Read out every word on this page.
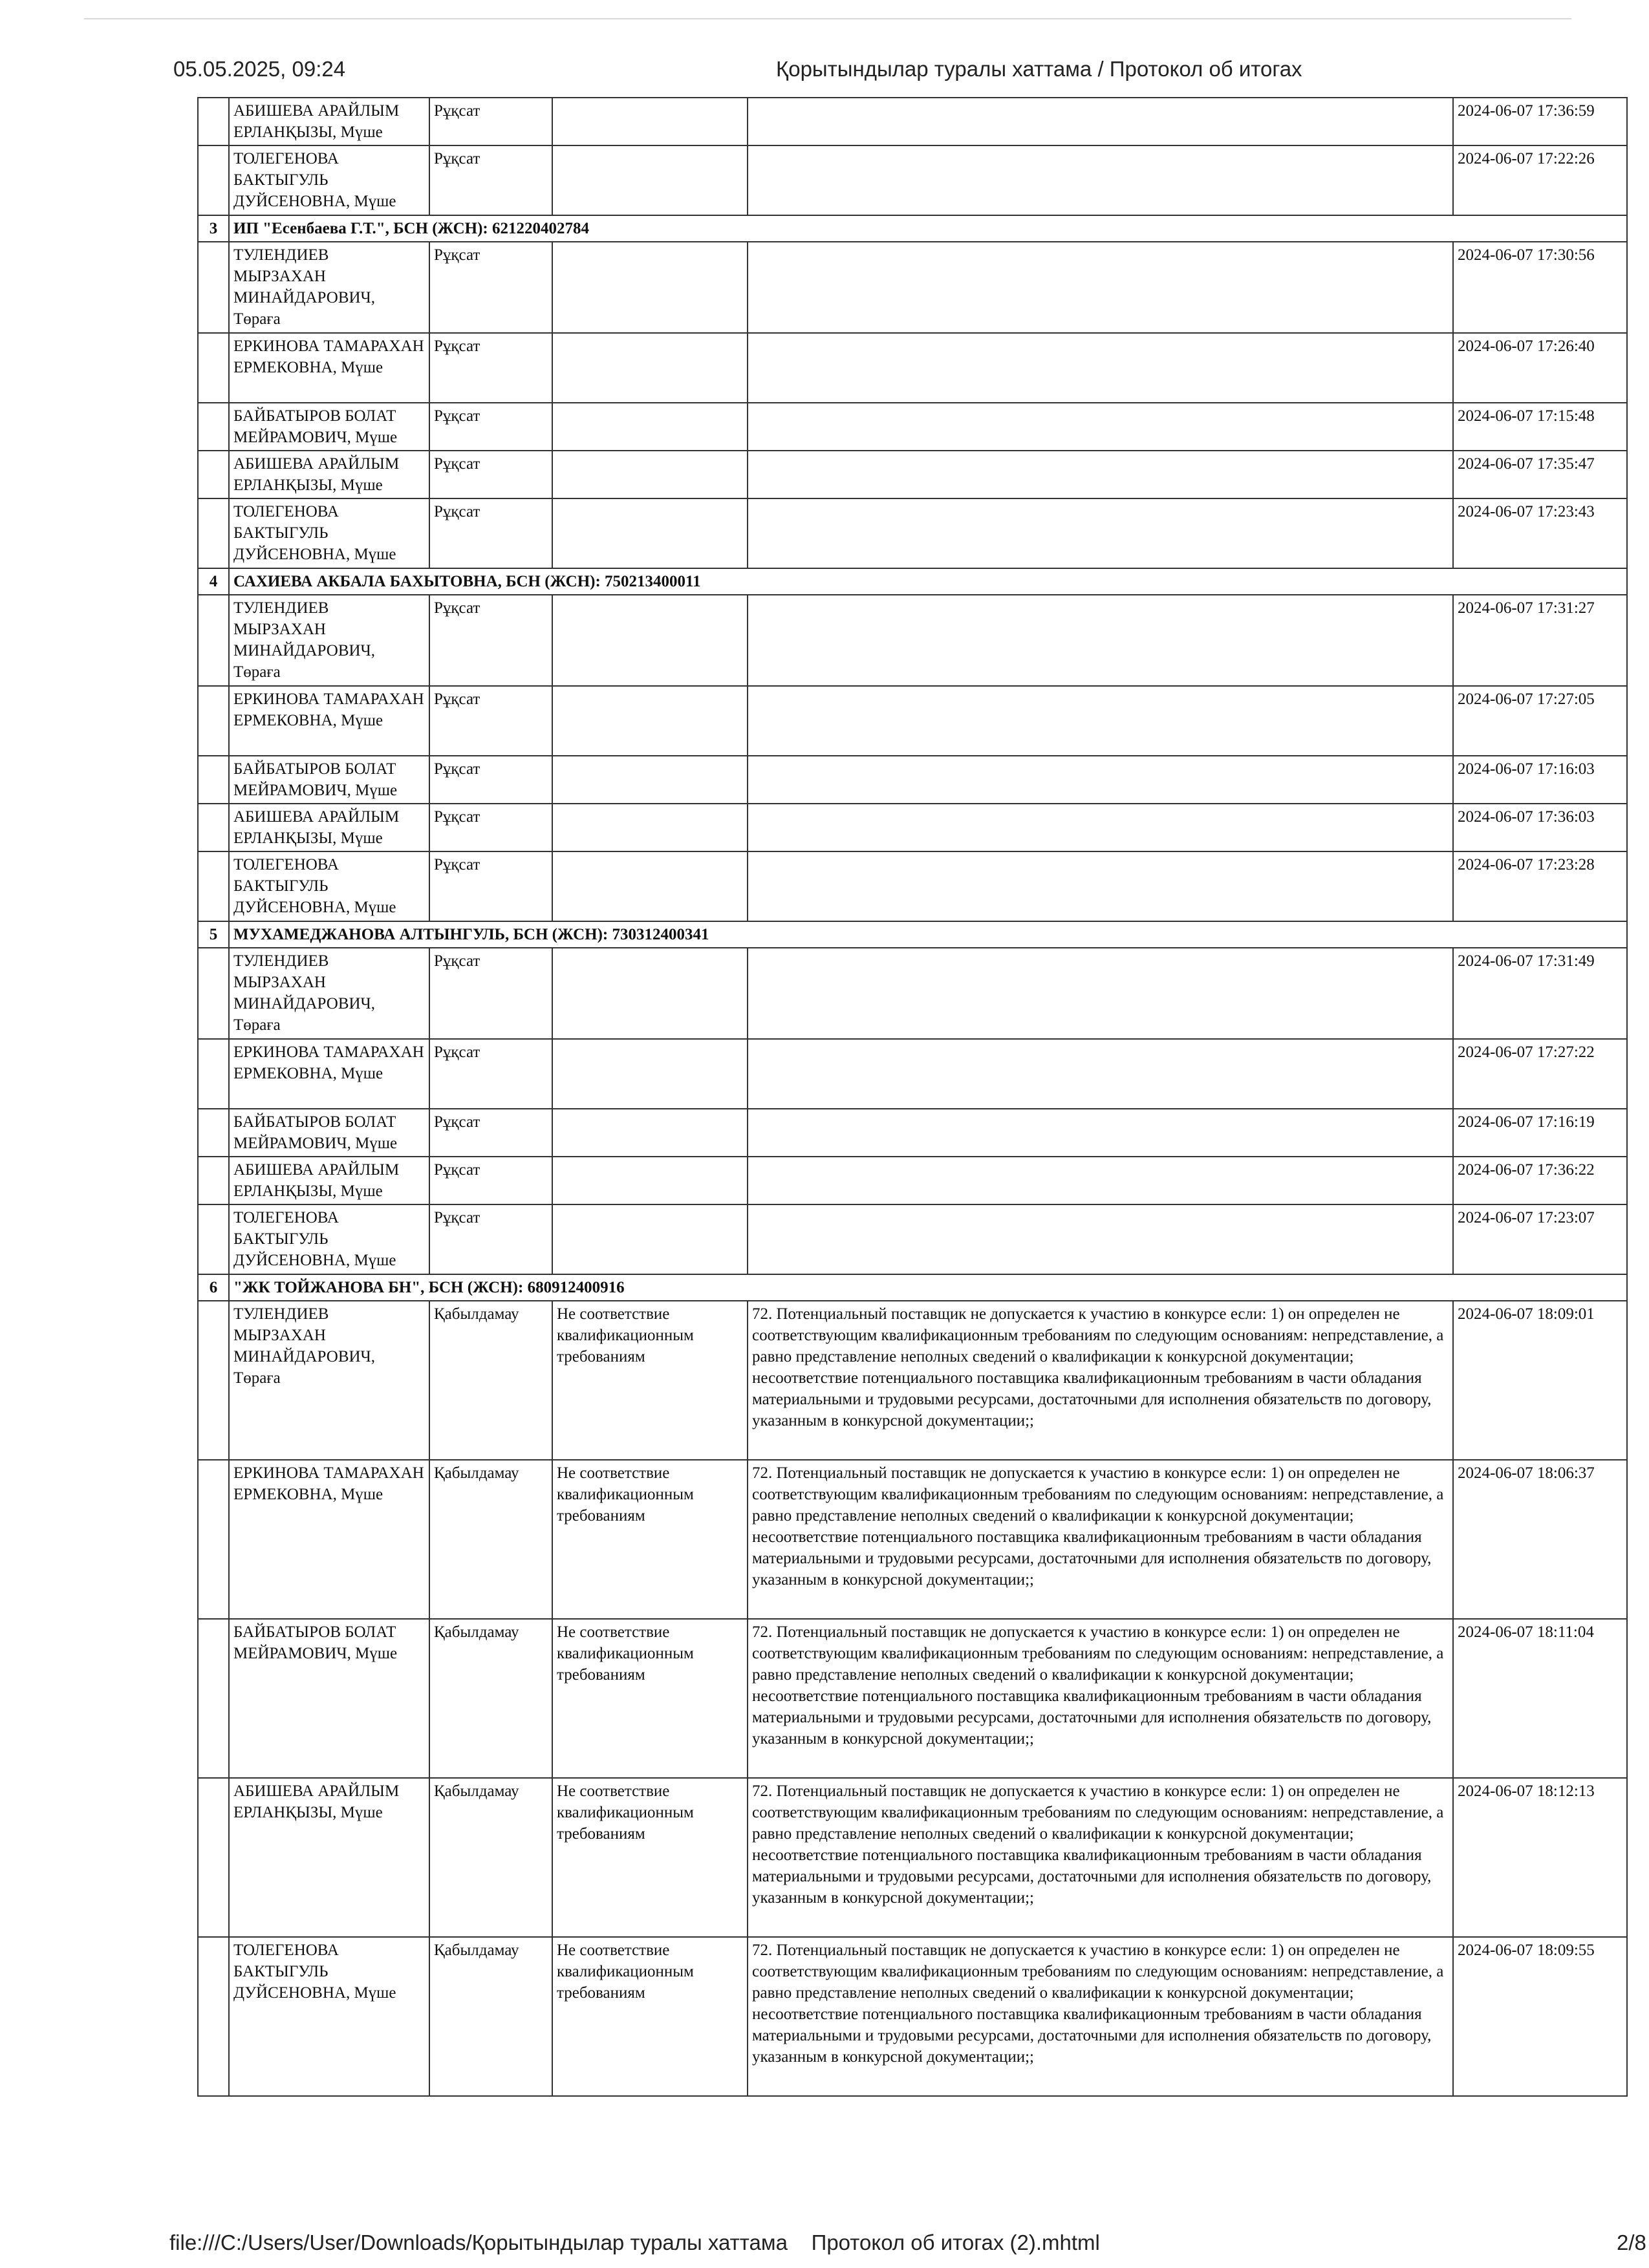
05.05.2025, 09:24	Қорытындылар туралы хаттама / Протокол об итогах
	АБИШЕВА АРАЙЛЫМ ЕРЛАНҚЫЗЫ, Мүше	Рұқсат			2024-06-07 17:36:59
	ТОЛЕГЕНОВА БАКТЫГУЛЬ ДУЙСЕНОВНА, Мүше	Рұқсат			2024-06-07 17:22:26
3	ИП "Есенбаева Г.Т.", БСН (ЖСН): 621220402784				
	ТУЛЕНДИЕВ МЫРЗАХАН МИНАЙДАРОВИЧ, Төраға	Рұқсат			2024-06-07 17:30:56
	ЕРКИНОВА ТАМАРАХАН ЕРМЕКОВНА, Мүше	Рұқсат			2024-06-07 17:26:40
	БАЙБАТЫРОВ БОЛАТ МЕЙРАМОВИЧ, Мүше	Рұқсат			2024-06-07 17:15:48
	АБИШЕВА АРАЙЛЫМ ЕРЛАНҚЫЗЫ, Мүше	Рұқсат			2024-06-07 17:35:47
	ТОЛЕГЕНОВА БАКТЫГУЛЬ ДУЙСЕНОВНА, Мүше	Рұқсат			2024-06-07 17:23:43
4	САХИЕВА АКБАЛА БАХЫТОВНА, БСН (ЖСН): 750213400011				
	ТУЛЕНДИЕВ МЫРЗАХАН МИНАЙДАРОВИЧ, Төраға	Рұқсат			2024-06-07 17:31:27
	ЕРКИНОВА ТАМАРАХАН ЕРМЕКОВНА, Мүше	Рұқсат			2024-06-07 17:27:05
	БАЙБАТЫРОВ БОЛАТ МЕЙРАМОВИЧ, Мүше	Рұқсат			2024-06-07 17:16:03
	АБИШЕВА АРАЙЛЫМ ЕРЛАНҚЫЗЫ, Мүше	Рұқсат			2024-06-07 17:36:03
	ТОЛЕГЕНОВА БАКТЫГУЛЬ ДУЙСЕНОВНА, Мүше	Рұқсат			2024-06-07 17:23:28
5	МУХАМЕДЖАНОВА АЛТЫНГУЛЬ, БСН (ЖСН): 730312400341				
	ТУЛЕНДИЕВ МЫРЗАХАН МИНАЙДАРОВИЧ, Төраға	Рұқсат			2024-06-07 17:31:49
	ЕРКИНОВА ТАМАРАХАН ЕРМЕКОВНА, Мүше	Рұқсат			2024-06-07 17:27:22
	БАЙБАТЫРОВ БОЛАТ МЕЙРАМОВИЧ, Мүше	Рұқсат			2024-06-07 17:16:19
	АБИШЕВА АРАЙЛЫМ ЕРЛАНҚЫЗЫ, Мүше	Рұқсат			2024-06-07 17:36:22
	ТОЛЕГЕНОВА БАКТЫГУЛЬ ДУЙСЕНОВНА, Мүше	Рұқсат			2024-06-07 17:23:07
6	"ЖК ТОЙЖАНОВА БН", БСН (ЖСН): 680912400916				
	ТУЛЕНДИЕВ МЫРЗАХАН МИНАЙДАРОВИЧ, Төраға	Қабылдамау	Не соответствие квалификационным требованиям	72. Потенциальный поставщик не допускается к участию в конкурсе если: 1) он определен не соответствующим квалификационным требованиям по следующим основаниям: непредставление, а равно представление неполных сведений о квалификации к конкурсной документации; несоответствие потенциального поставщика квалификационным требованиям в части обладания материальными и трудовыми ресурсами, достаточными для исполнения обязательств по договору, указанным в конкурсной документации;;	2024-06-07 18:09:01
	ЕРКИНОВА ТАМАРАХАН ЕРМЕКОВНА, Мүше	Қабылдамау	Не соответствие квалификационным требованиям	72. Потенциальный поставщик не допускается к участию в конкурсе если: 1) он определен не соответствующим квалификационным требованиям по следующим основаниям: непредставление, а равно представление неполных сведений о квалификации к конкурсной документации; несоответствие потенциального поставщика квалификационным требованиям в части обладания материальными и трудовыми ресурсами, достаточными для исполнения обязательств по договору, указанным в конкурсной документации;;	2024-06-07 18:06:37
	БАЙБАТЫРОВ БОЛАТ МЕЙРАМОВИЧ, Мүше	Қабылдамау	Не соответствие квалификационным требованиям	72. Потенциальный поставщик не допускается к участию в конкурсе если: 1) он определен не соответствующим квалификационным требованиям по следующим основаниям: непредставление, а равно представление неполных сведений о квалификации к конкурсной документации; несоответствие потенциального поставщика квалификационным требованиям в части обладания материальными и трудовыми ресурсами, достаточными для исполнения обязательств по договору, указанным в конкурсной документации;;	2024-06-07 18:11:04
	АБИШЕВА АРАЙЛЫМ ЕРЛАНҚЫЗЫ, Мүше	Қабылдамау	Не соответствие квалификационным требованиям	72. Потенциальный поставщик не допускается к участию в конкурсе если: 1) он определен не соответствующим квалификационным требованиям по следующим основаниям: непредставление, а равно представление неполных сведений о квалификации к конкурсной документации; несоответствие потенциального поставщика квалификационным требованиям в части обладания материальными и трудовыми ресурсами, достаточными для исполнения обязательств по договору, указанным в конкурсной документации;;	2024-06-07 18:12:13
	ТОЛЕГЕНОВА БАКТЫГУЛЬ ДУЙСЕНОВНА, Мүше	Қабылдамау	Не соответствие квалификационным требованиям	72. Потенциальный поставщик не допускается к участию в конкурсе если: 1) он определен не соответствующим квалификационным требованиям по следующим основаниям: непредставление, а равно представление неполных сведений о квалификации к конкурсной документации; несоответствие потенциального поставщика квалификационным требованиям в части обладания материальными и трудовыми ресурсами, достаточными для исполнения обязательств по договору, указанным в конкурсной документации;;	2024-06-07 18:09:55
file:///C:/Users/User/Downloads/Қорытындылар туралы хаттама    Протокол об итогах (2).mhtml	2/8
